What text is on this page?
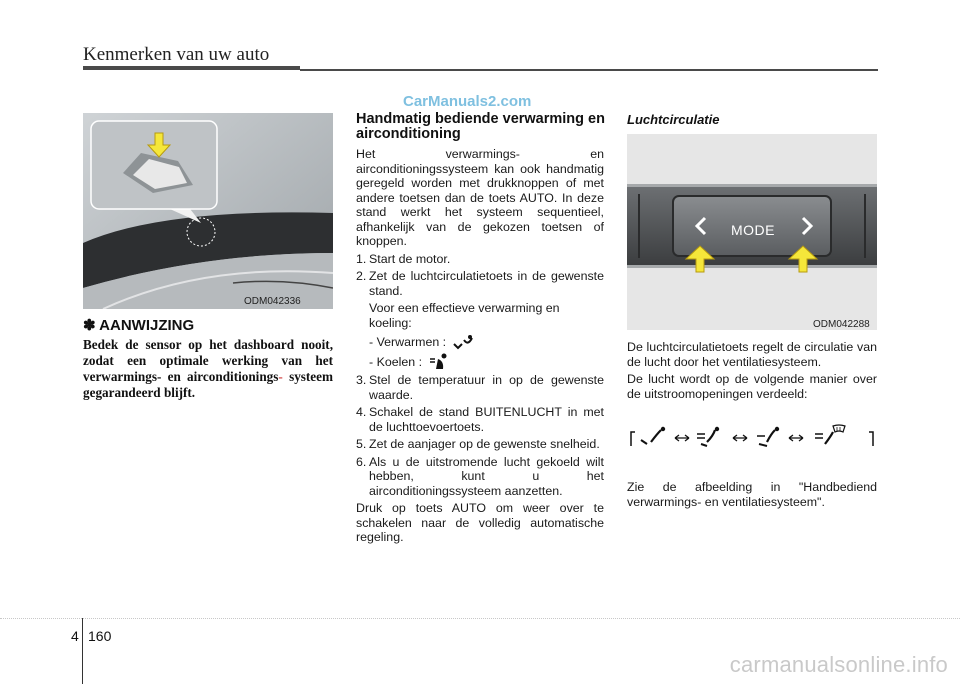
Kenmerken van uw auto
CarManuals2.com
ODM042336
✽ AANWIJZING
Bedek de sensor op het dashboard nooit, zodat een optimale werking van het verwarmings- en airconditionings- systeem gegarandeerd blijft.
Handmatig bediende verwarming en airconditioning

Het verwarmings- en airconditioningssysteem kan ook handmatig geregeld worden met drukknoppen of met andere toetsen dan de toets AUTO. In deze stand werkt het systeem sequentieel, afhankelijk van de gekozen toetsen of knoppen.

1. Start de motor.
2. Zet de luchtcirculatietoets in de gewenste stand.
Voor een effectieve verwarming en koeling:
- Verwarmen :
- Koelen :
3. Stel de temperatuur in op de gewenste waarde.
4. Schakel de stand BUITENLUCHT in met de luchttoevoertoets.
5. Zet de aanjager op de gewenste snelheid.
6. Als u de uitstromende lucht gekoeld wilt hebben, kunt u het airconditioningssysteem aanzetten.

Druk op toets AUTO om weer over te schakelen naar de volledig automatische regeling.

Luchtcirculatie
MODE
ODM042288

De luchtcirculatietoets regelt de circulatie van de lucht door het ventilatiesysteem.

De lucht wordt op de volgende manier over de uitstroomopeningen verdeeld:

Zie de afbeelding in "Handbediend verwarmings- en ventilatiesysteem".

4 160
carmanualsonline.info
